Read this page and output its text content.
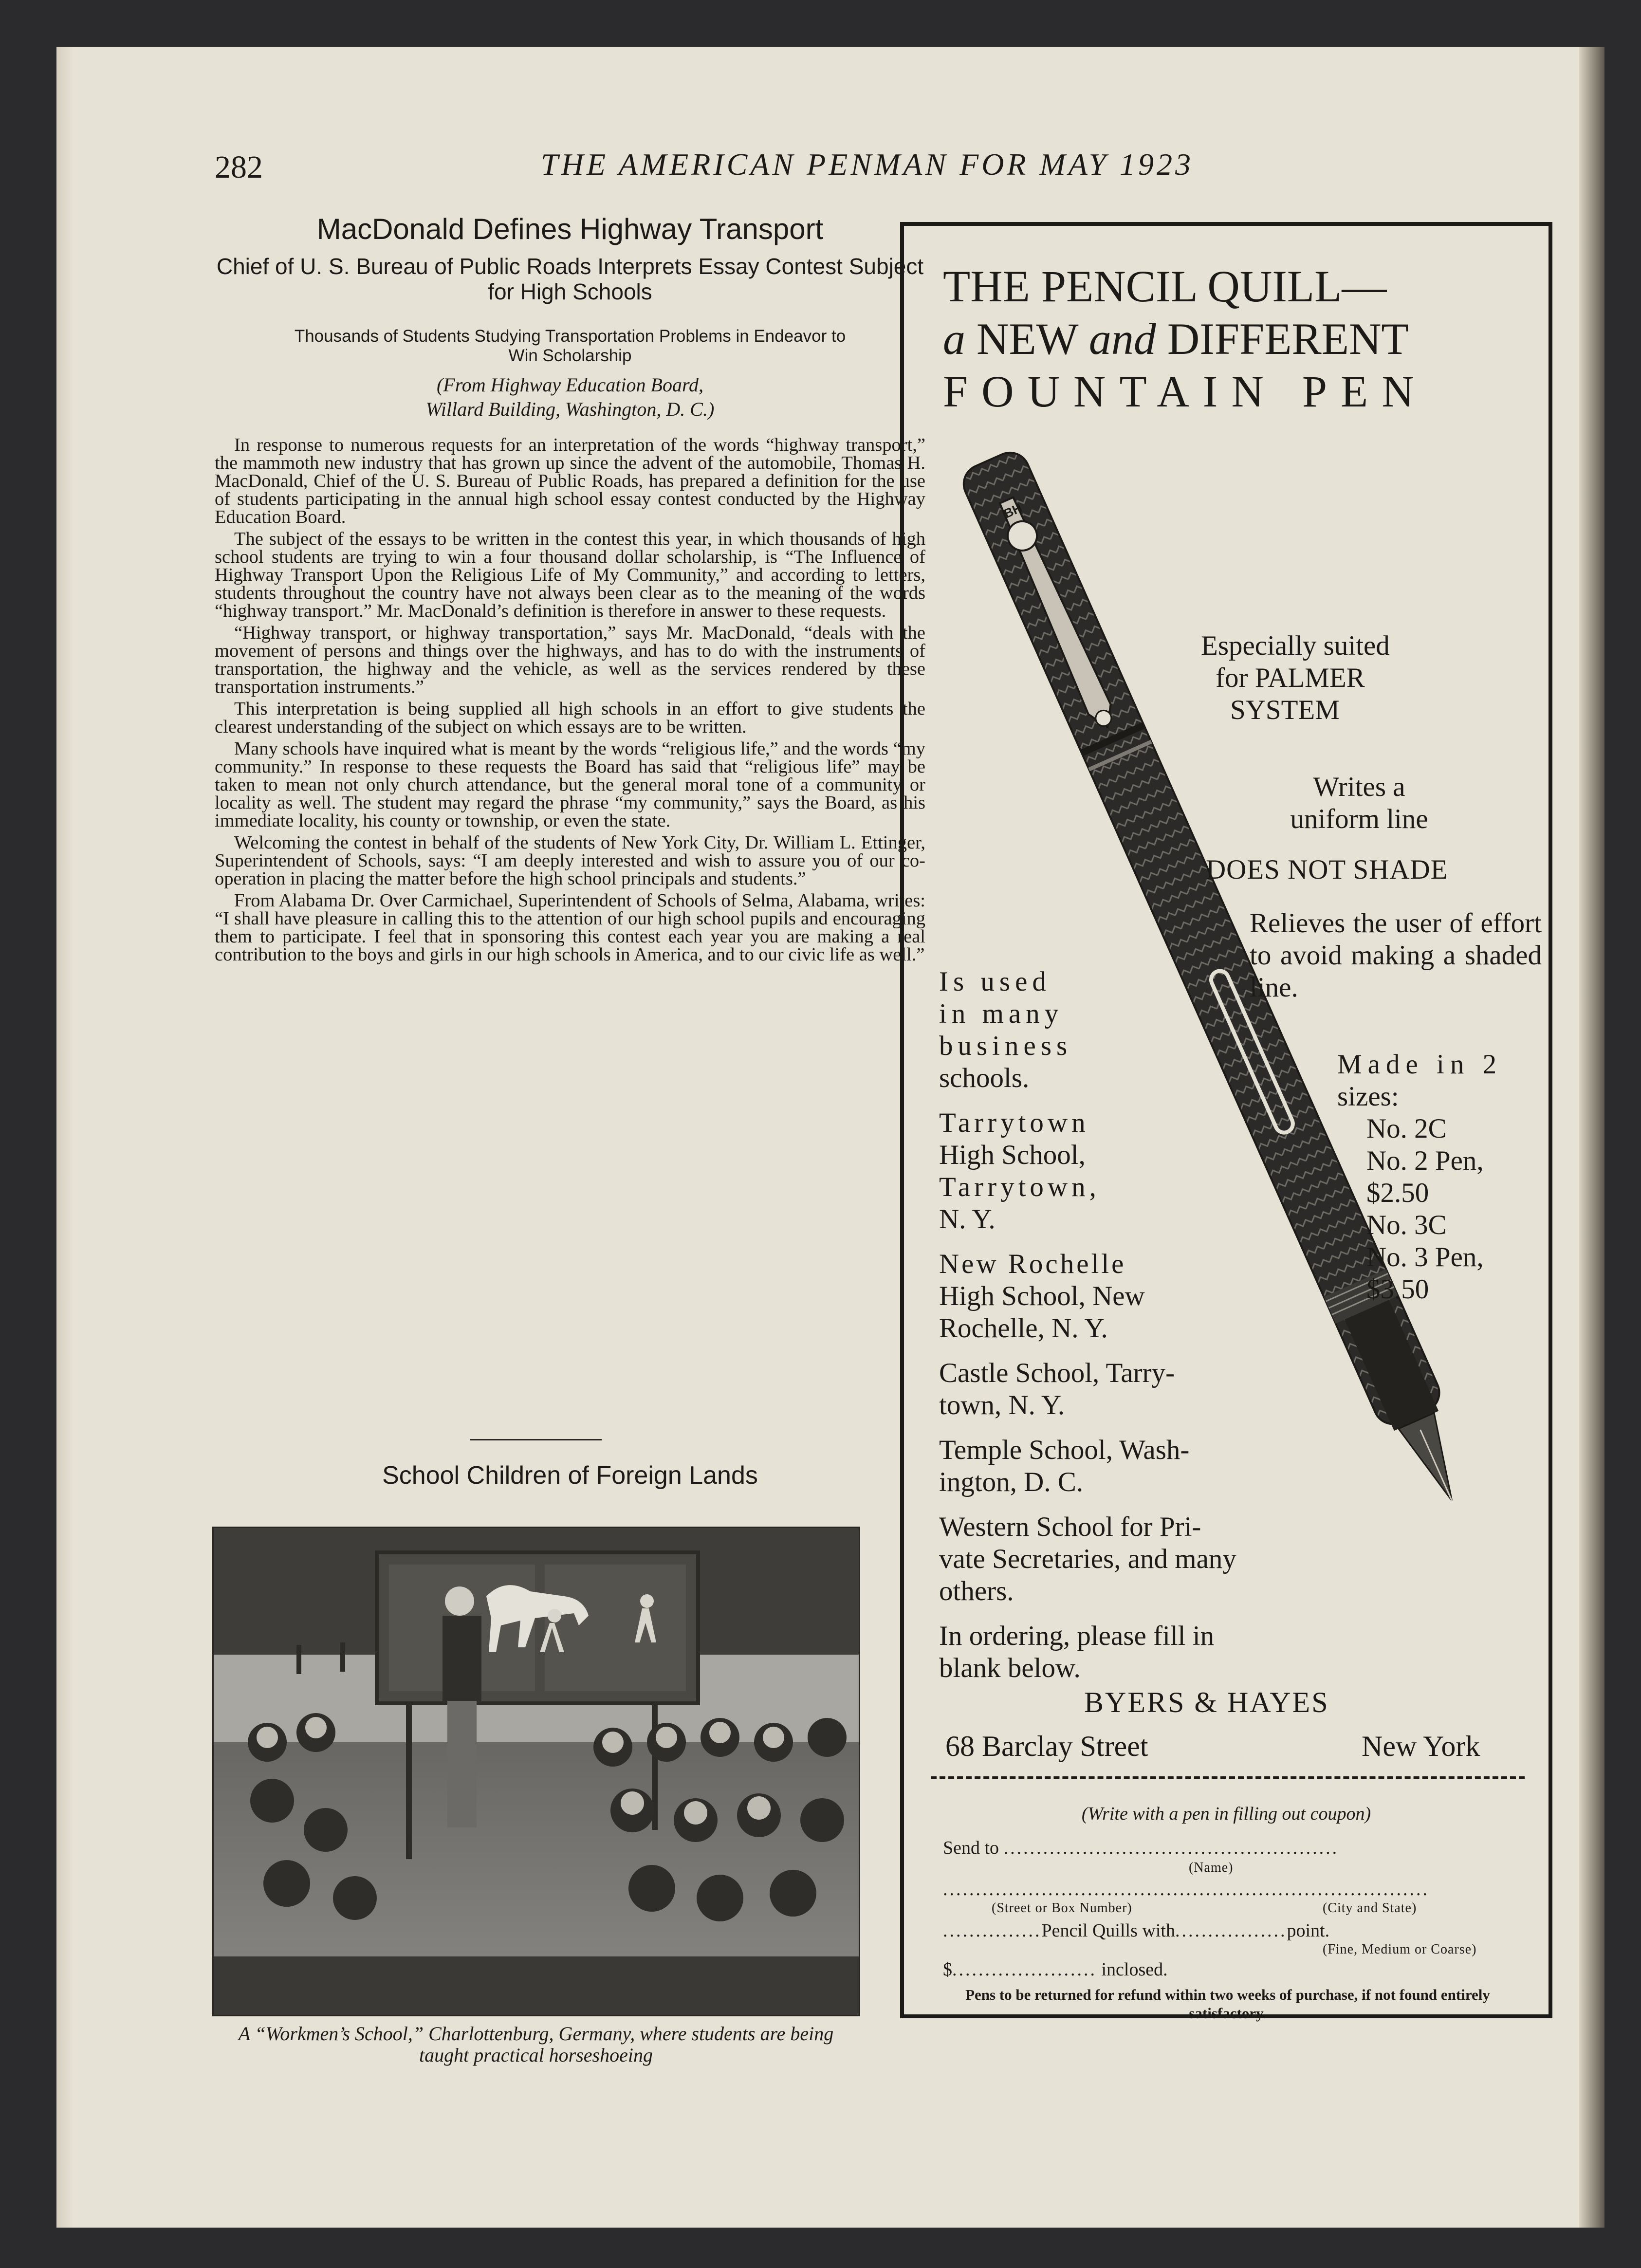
282	THE AMERICAN PENMAN FOR MAY 1923
MacDonald Defines Highway Transport
Chief of U. S. Bureau of Public Roads Interprets Essay Contest Subject for High Schools
Thousands of Students Studying Transportation Problems in Endeavor to Win Scholarship
(From Highway Education Board,
Willard Building, Washington, D. C.)

In response to numerous requests for an interpretation of the words “highway transport,” the mammoth new industry that has grown up since the advent of the automobile, Thomas H. MacDonald, Chief of the U. S. Bureau of Public Roads, has prepared a definition for the use of students participating in the annual high school essay contest conducted by the Highway Education Board.

The subject of the essays to be written in the contest this year, in which thousands of high school students are trying to win a four thousand dollar scholarship, is “The Influence of Highway Transport Upon the Religious Life of My Community,” and according to letters, students throughout the country have not always been clear as to the meaning of the words “highway transport.” Mr. MacDonald’s definition is therefore in answer to these requests.

“Highway transport, or highway transportation,” says Mr. MacDonald, “deals with the movement of persons and things over the highways, and has to do with the instruments of transportation, the highway and the vehicle, as well as the services rendered by these transportation instruments.”

This interpretation is being supplied all high schools in an effort to give students the clearest understanding of the subject on which essays are to be written.

Many schools have inquired what is meant by the words “religious life,” and the words “my community.” In response to these requests the Board has said that “religious life” may be taken to mean not only church attendance, but the general moral tone of a community or locality as well. The student may regard the phrase “my community,” says the Board, as his immediate locality, his county or township, or even the state.

Welcoming the contest in behalf of the students of New York City, Dr. William L. Ettinger, Superintendent of Schools, says: “I am deeply interested and wish to assure you of our co-operation in placing the matter before the high school principals and students.”

From Alabama Dr. Over Carmichael, Superintendent of Schools of Selma, Alabama, writes: “I shall have pleasure in calling this to the attention of our high school pupils and encouraging them to participate. I feel that in sponsoring this contest each year you are making a real contribution to the boys and girls in our high schools in America, and to our civic life as well.”

School Children of Foreign Lands
A “Workmen’s School,” Charlottenburg, Germany, where students are being taught practical horseshoeing
THE PENCIL QUILL—
a NEW and DIFFERENT
FOUNTAIN PEN
BH
Especially suited
for PALMER
SYSTEM
Writes a
uniform line
DOES NOT SHADE
Relieves the user of effort to avoid making a shaded line.
Made in 2
sizes:
No. 2C
No. 2 Pen,
$2.50
No. 3C
No. 3 Pen,
$3.50
Is used
in many
business
schools.
Tarrytown
High School,
Tarrytown,
N. Y.
New Rochelle
High School, New
Rochelle, N. Y.
Castle School, Tarry-
town, N. Y.
Temple School, Wash-
ington, D. C.
Western School for Pri-
vate Secretaries, and many
others.
In ordering, please fill in
blank below.
BYERS & HAYES
68 Barclay Street	New York
(Write with a pen in filling out coupon)
Send to ...................................................
(Name)
..........................................................................
(Street or Box Number)	(City and State)
...............Pencil Quills with.................point.
(Fine, Medium or Coarse)
$...................... inclosed.
Pens to be returned for refund within two weeks of purchase, if not found entirely satisfactory.
